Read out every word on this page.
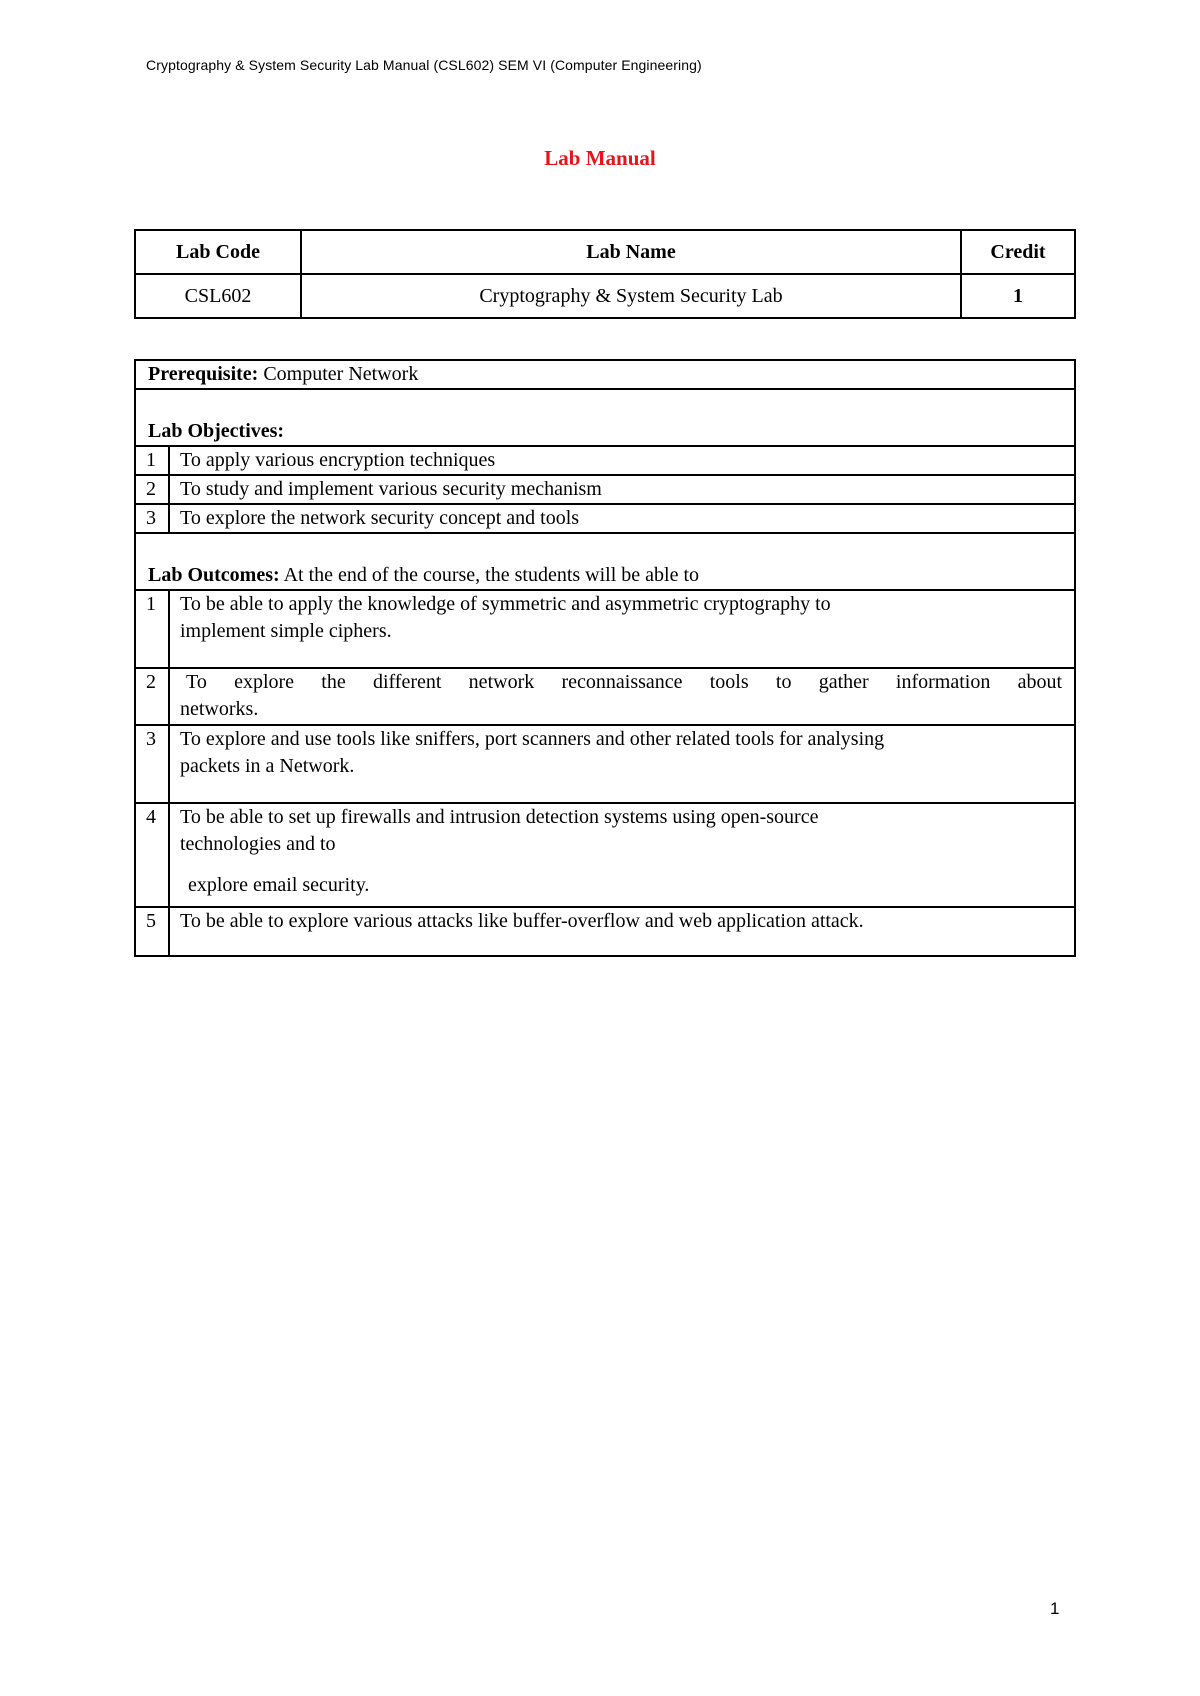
Cryptography & System Security Lab Manual (CSL602) SEM VI (Computer Engineering)
Lab Manual
Lab Code	Lab Name	Credit
CSL602	Cryptography & System Security Lab	1
Prerequisite: Computer Network	
Lab Objectives:	
1	To apply various encryption techniques
2	To study and implement various security mechanism
3	To explore the network security concept and tools
Lab Outcomes: At the end of the course, the students will be able to	
1	To be able to apply the knowledge of symmetric and asymmetric cryptography to
implement simple ciphers.

2	To explore the different network reconnaissance tools to gather information about
networks.

3	To explore and use tools like sniffers, port scanners and other related tools for analysing
packets in a Network.

4	To be able to set up firewalls and intrusion detection systems using open-source
technologies and to
explore email security.

5	To be able to explore various attacks like buffer-overflow and web application attack.
1
